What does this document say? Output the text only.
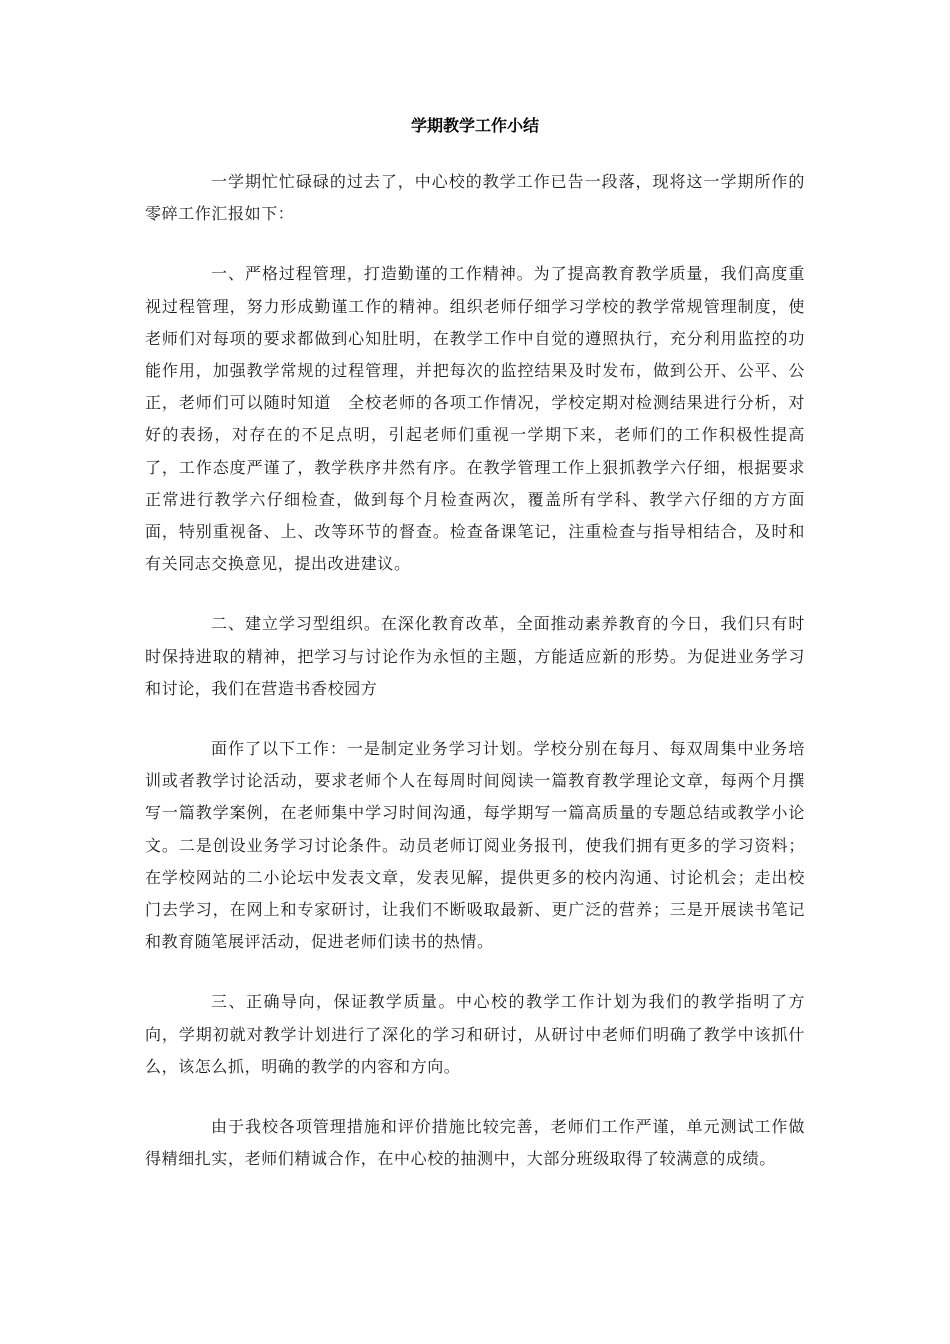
学期教学工作小结

一学期忙忙碌碌的过去了，中心校的教学工作已告一段落，现将这一学期所作的零碎工作汇报如下：

一、严格过程管理，打造勤谨的工作精神。为了提高教育教学质量，我们高度重视过程管理，努力形成勤谨工作的精神。组织老师仔细学习学校的教学常规管理制度，使老师们对每项的要求都做到心知肚明，在教学工作中自觉的遵照执行，充分利用监控的功能作用，加强教学常规的过程管理，并把每次的监控结果及时发布，做到公开、公平、公正，老师们可以随时知道　全校老师的各项工作情况，学校定期对检测结果进行分析，对好的表扬，对存在的不足点明，引起老师们重视一学期下来，老师们的工作积极性提高了，工作态度严谨了，教学秩序井然有序。在教学管理工作上狠抓教学六仔细，根据要求正常进行教学六仔细检查，做到每个月检查两次，覆盖所有学科、教学六仔细的方方面面，特别重视备、上、改等环节的督查。检查备课笔记，注重检查与指导相结合，及时和有关同志交换意见，提出改进建议。

二、建立学习型组织。在深化教育改革，全面推动素养教育的今日，我们只有时时保持进取的精神，把学习与讨论作为永恒的主题，方能适应新的形势。为促进业务学习和讨论，我们在营造书香校园方

面作了以下工作：一是制定业务学习计划。学校分别在每月、每双周集中业务培训或者教学讨论活动，要求老师个人在每周时间阅读一篇教育教学理论文章，每两个月撰写一篇教学案例，在老师集中学习时间沟通，每学期写一篇高质量的专题总结或教学小论文。二是创设业务学习讨论条件。动员老师订阅业务报刊，使我们拥有更多的学习资料；在学校网站的二小论坛中发表文章，发表见解，提供更多的校内沟通、讨论机会；走出校门去学习，在网上和专家研讨，让我们不断吸取最新、更广泛的营养；三是开展读书笔记和教育随笔展评活动，促进老师们读书的热情。

三、正确导向，保证教学质量。中心校的教学工作计划为我们的教学指明了方向，学期初就对教学计划进行了深化的学习和研讨，从研讨中老师们明确了教学中该抓什么，该怎么抓，明确的教学的内容和方向。

由于我校各项管理措施和评价措施比较完善，老师们工作严谨，单元测试工作做得精细扎实，老师们精诚合作，在中心校的抽测中，大部分班级取得了较满意的成绩。
